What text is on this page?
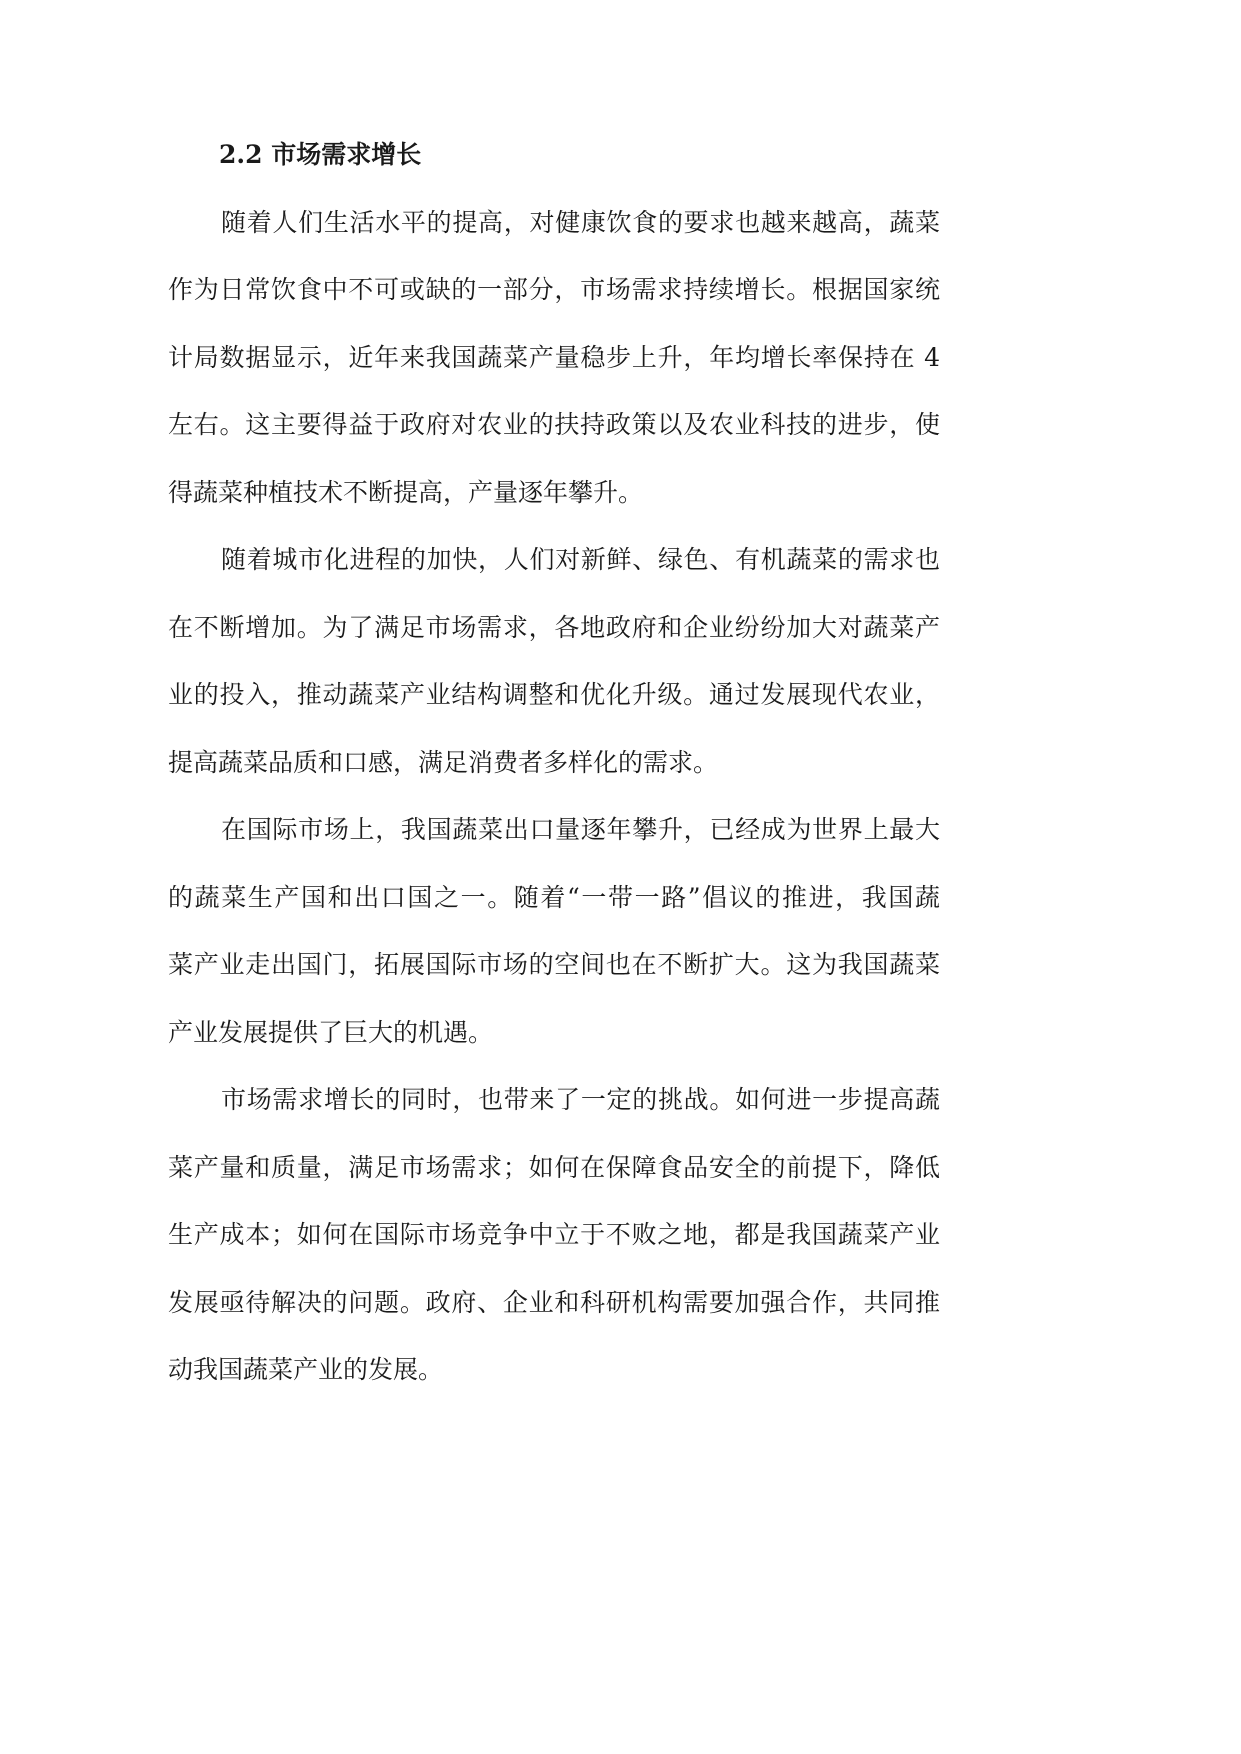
2.2 市场需求增长
随着人们生活水平的提高，对健康饮食的要求也越来越高，蔬菜
作为日常饮食中不可或缺的一部分，市场需求持续增长。根据国家统
计局数据显示，近年来我国蔬菜产量稳步上升，年均增长率保持在 4
左右。这主要得益于政府对农业的扶持政策以及农业科技的进步，使
得蔬菜种植技术不断提高，产量逐年攀升。
随着城市化进程的加快，人们对新鲜、绿色、有机蔬菜的需求也
在不断增加。为了满足市场需求，各地政府和企业纷纷加大对蔬菜产
业的投入，推动蔬菜产业结构调整和优化升级。通过发展现代农业，
提高蔬菜品质和口感，满足消费者多样化的需求。
在国际市场上，我国蔬菜出口量逐年攀升，已经成为世界上最大
的蔬菜生产国和出口国之一。随着“一带一路”倡议的推进，我国蔬
菜产业走出国门，拓展国际市场的空间也在不断扩大。这为我国蔬菜
产业发展提供了巨大的机遇。
市场需求增长的同时，也带来了一定的挑战。如何进一步提高蔬
菜产量和质量，满足市场需求；如何在保障食品安全的前提下，降低
生产成本；如何在国际市场竞争中立于不败之地，都是我国蔬菜产业
发展亟待解决的问题。政府、企业和科研机构需要加强合作，共同推
动我国蔬菜产业的发展。
